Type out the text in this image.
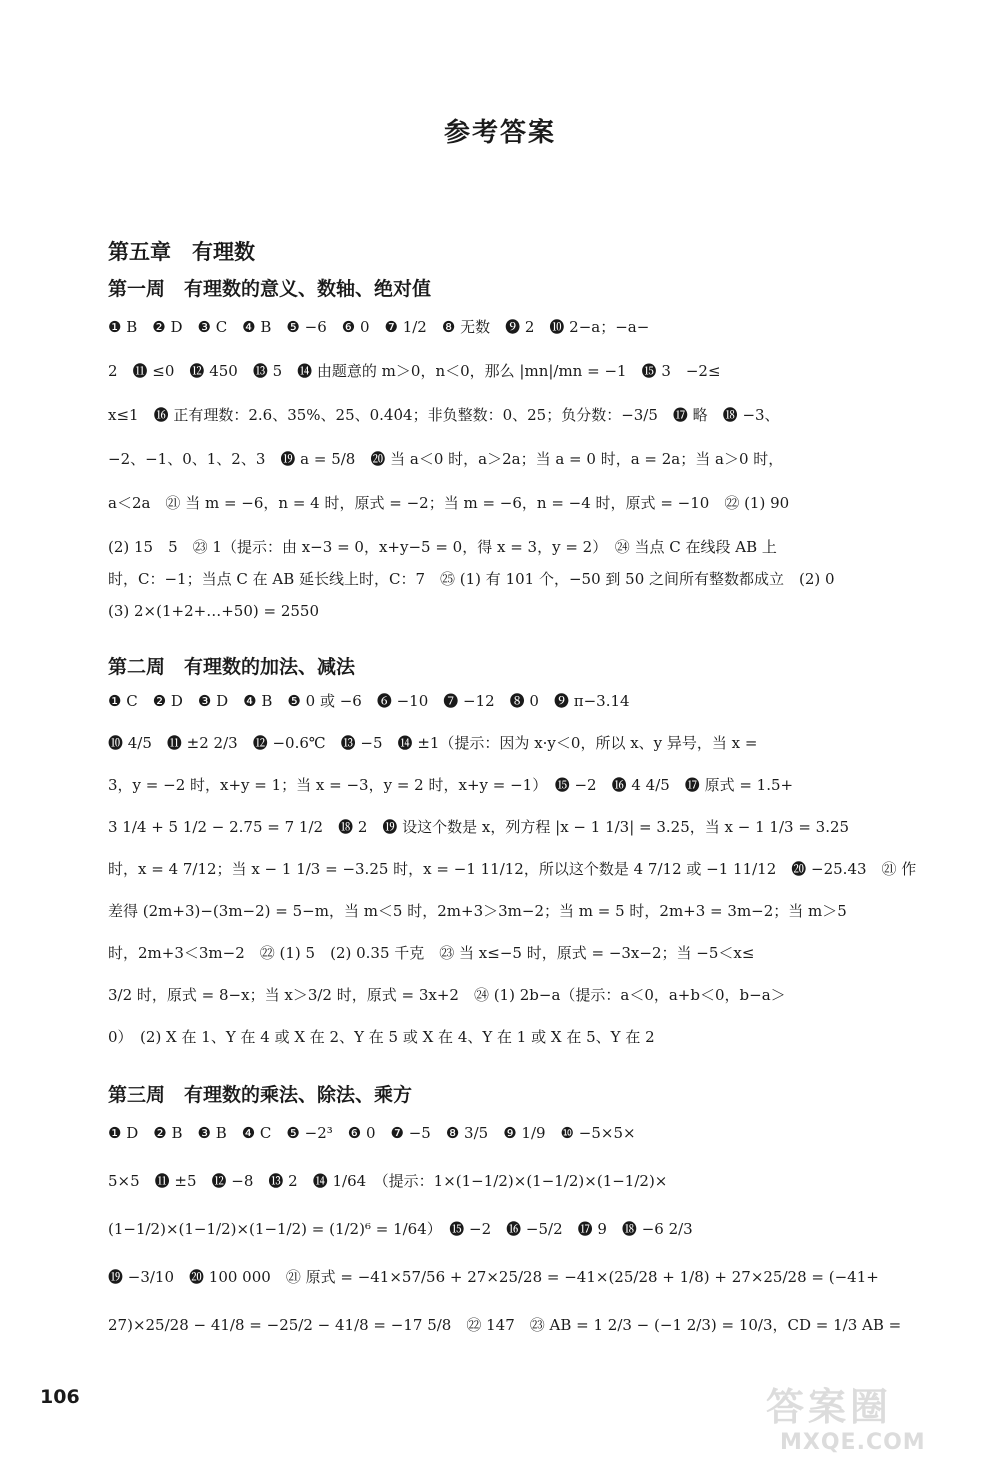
参考答案
第五章　有理数
第一周　有理数的意义、数轴、绝对值
❶ B　❷ D　❸ C　❹ B　❺ −6　❻ 0　❼ 1/2　❽ 无数　❾ 2　❿ 2−a；−a−
2　⓫ ≤0　⓬ 450　⓭ 5　⓮ 由题意的 m＞0，n＜0，那么 |mn|/mn = −1　⓯ 3　−2≤
x≤1　⓰ 正有理数：2.6、35%、25、0.4̇0̇4；非负整数：0、25；负分数：−3/5　⓱ 略　⓲ −3、
−2、−1、0、1、2、3　⓳ a = 5/8　⓴ 当 a＜0 时，a＞2a；当 a = 0 时，a = 2a；当 a＞0 时，
a＜2a　㉑ 当 m = −6，n = 4 时，原式 = −2；当 m = −6，n = −4 时，原式 = −10　㉒ (1) 90
(2) 15　5　㉓ 1（提示：由 x−3 = 0，x+y−5 = 0，得 x = 3，y = 2）　㉔ 当点 C 在线段 AB 上
时，C：−1；当点 C 在 AB 延长线上时，C：7　㉕ (1) 有 101 个，−50 到 50 之间所有整数都成立　(2) 0
(3) 2×(1+2+…+50) = 2550
第二周　有理数的加法、减法
❶ C　❷ D　❸ D　❹ B　❺ 0 或 −6　❻ −10　❼ −12　❽ 0　❾ π−3.14
❿ 4/5　⓫ ±2 2/3　⓬ −0.6℃　⓭ −5　⓮ ±1（提示：因为 x·y＜0，所以 x、y 异号，当 x =
3，y = −2 时，x+y = 1；当 x = −3，y = 2 时，x+y = −1）　⓯ −2　⓰ 4 4/5　⓱ 原式 = 1.5+
3 1/4 + 5 1/2 − 2.75 = 7 1/2　⓲ 2　⓳ 设这个数是 x，列方程 |x − 1 1/3| = 3.25，当 x − 1 1/3 = 3.25
时，x = 4 7/12；当 x − 1 1/3 = −3.25 时，x = −1 11/12，所以这个数是 4 7/12 或 −1 11/12　⓴ −25.43　㉑ 作
差得 (2m+3)−(3m−2) = 5−m，当 m＜5 时，2m+3＞3m−2；当 m = 5 时，2m+3 = 3m−2；当 m＞5
时，2m+3＜3m−2　㉒ (1) 5　(2) 0.35 千克　㉓ 当 x≤−5 时，原式 = −3x−2；当 −5＜x≤
3/2 时，原式 = 8−x；当 x＞3/2 时，原式 = 3x+2　㉔ (1) 2b−a（提示：a＜0，a+b＜0，b−a＞
0）　(2) X 在 1、Y 在 4 或 X 在 2、Y 在 5 或 X 在 4、Y 在 1 或 X 在 5、Y 在 2
第三周　有理数的乘法、除法、乘方
❶ D　❷ B　❸ B　❹ C　❺ −2³　❻ 0　❼ −5　❽ 3/5　❾ 1/9　❿ −5×5×
5×5　⓫ ±5　⓬ −8　⓭ 2　⓮ 1/64　（提示：1×(1−1/2)×(1−1/2)×(1−1/2)×
(1−1/2)×(1−1/2)×(1−1/2) = (1/2)⁶ = 1/64）　⓯ −2　⓰ −5/2　⓱ 9　⓲ −6 2/3
⓳ −3/10　⓴ 100 000　㉑ 原式 = −41×57/56 + 27×25/28 = −41×(25/28 + 1/8) + 27×25/28 = (−41+
27)×25/28 − 41/8 = −25/2 − 41/8 = −17 5/8　㉒ 147　㉓ AB = 1 2/3 − (−1 2/3) = 10/3，CD = 1/3 AB =
106	答案圈
MXQE.COM
